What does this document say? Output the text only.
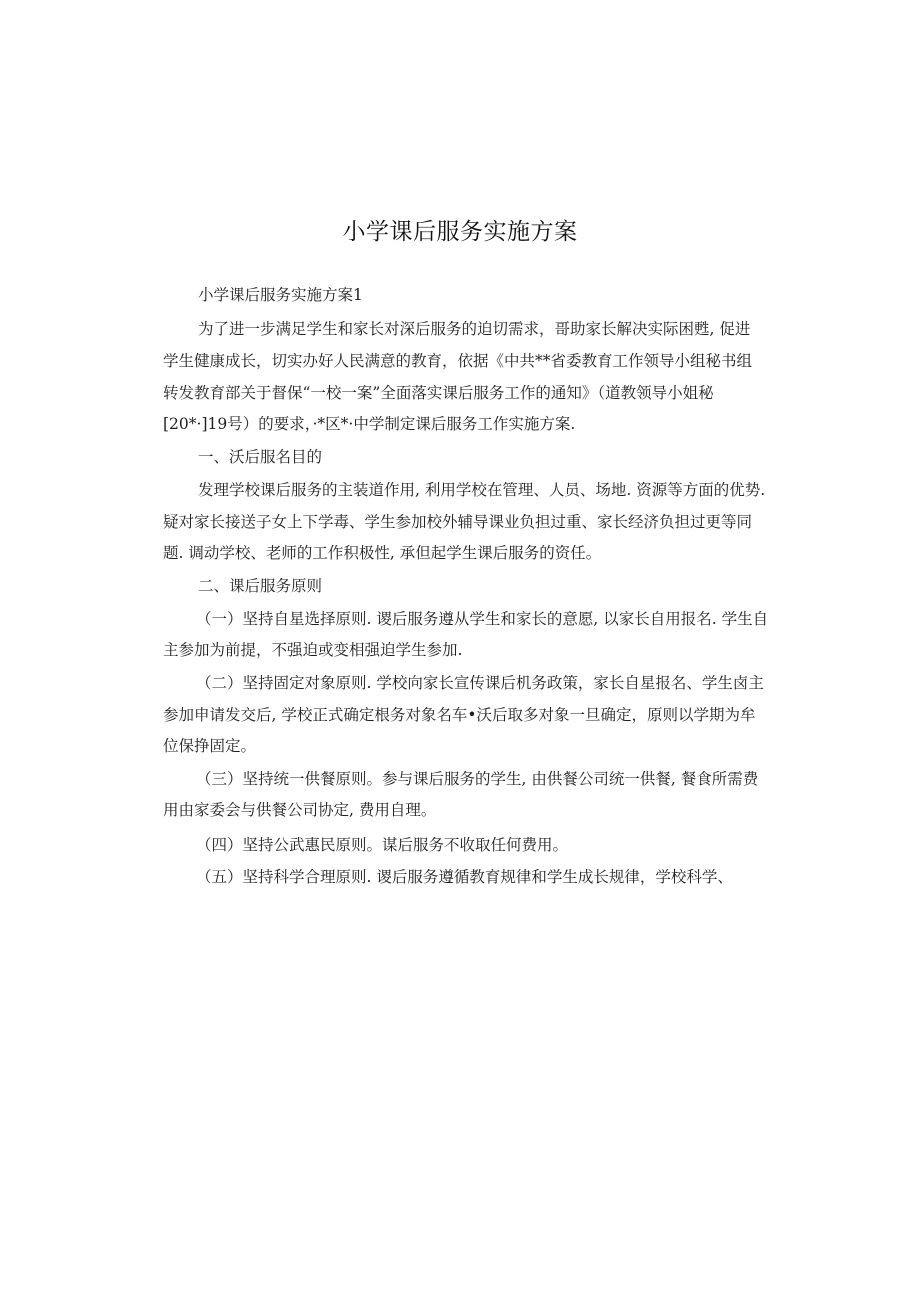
小学课后服务实施方案
小学课后服务实施方案1
为了进一步满足学生和家长对深后服务的迫切需求，哥助家长解决实际困甦, 促进
学生健康成长，切实办好人民满意的教育，依据《中共**省委教育工作领导小组秘书组
转发教育部关于督保“一校一案”全面落实课后服务工作的通知》（道教领导小姐秘
[20*·]19号）的要求，·*区*·中学制定课后服务工作实施方案.
一、沃后服名目的
发理学校课后服务的主装道作用, 利用学校在管理、人员、场地. 资源等方面的优势.
疑对家长接送子女上下学毒、学生参加校外辅导课业负担过重、家长经济负担过更等同
题. 调动学校、老师的工作积极性, 承但起学生课后服务的资任。
二、课后服务原则
（一）坚持自星选择原则. 谡后服务遵从学生和家长的意愿, 以家长自用报名. 学生自
主参加为前提，不强迫或变相强迫学生参加.
（二）坚持固定对象原则. 学校向家长宣传课后机务政策，家长自星报名、学生卤主
参加申请发交后, 学校正式确定根务对象名车•沃后取多对象一旦确定，原则以学期为牟
位保挣固定。
（三）坚持统一供餐原则。参与课后服务的学生, 由供餐公司统一供餐, 餐食所需费
用由家委会与供餐公司协定, 费用自理。
（四）坚持公武惠民原则。谋后服务不收取任何费用。
（五）坚持科学合理原则. 谡后服务遵循教育规律和学生成长规律，学校科学、
